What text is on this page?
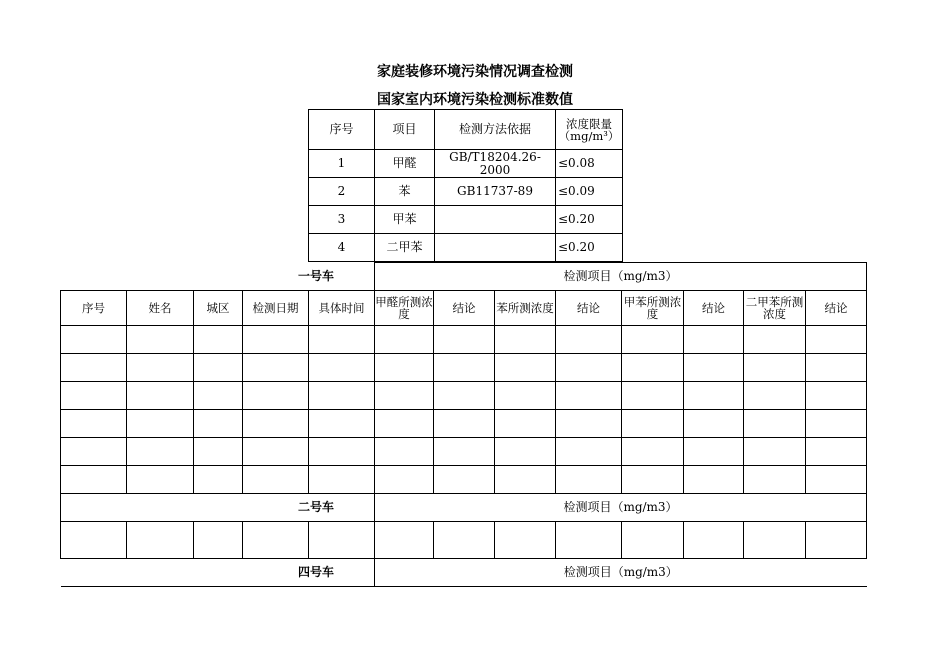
家庭装修环境污染情况调查检测
国家室内环境污染检测标准数值
序号	项目	检测方法依据	浓度限量（mg/m³）
1	甲醛	GB/T18204.26-2000	≤0.08
2	苯	GB11737-89	≤0.09
3	甲苯		≤0.20
4	二甲苯		≤0.20
一号车					检测项目（mg/m3）							
序号	姓名	城区	检测日期	具体时间	甲醛所测浓度	结论	苯所测浓度	结论	甲苯所测浓度	结论	二甲苯所测浓度	结论

二号车					检测项目（mg/m3）							

四号车					检测项目（mg/m3）							
